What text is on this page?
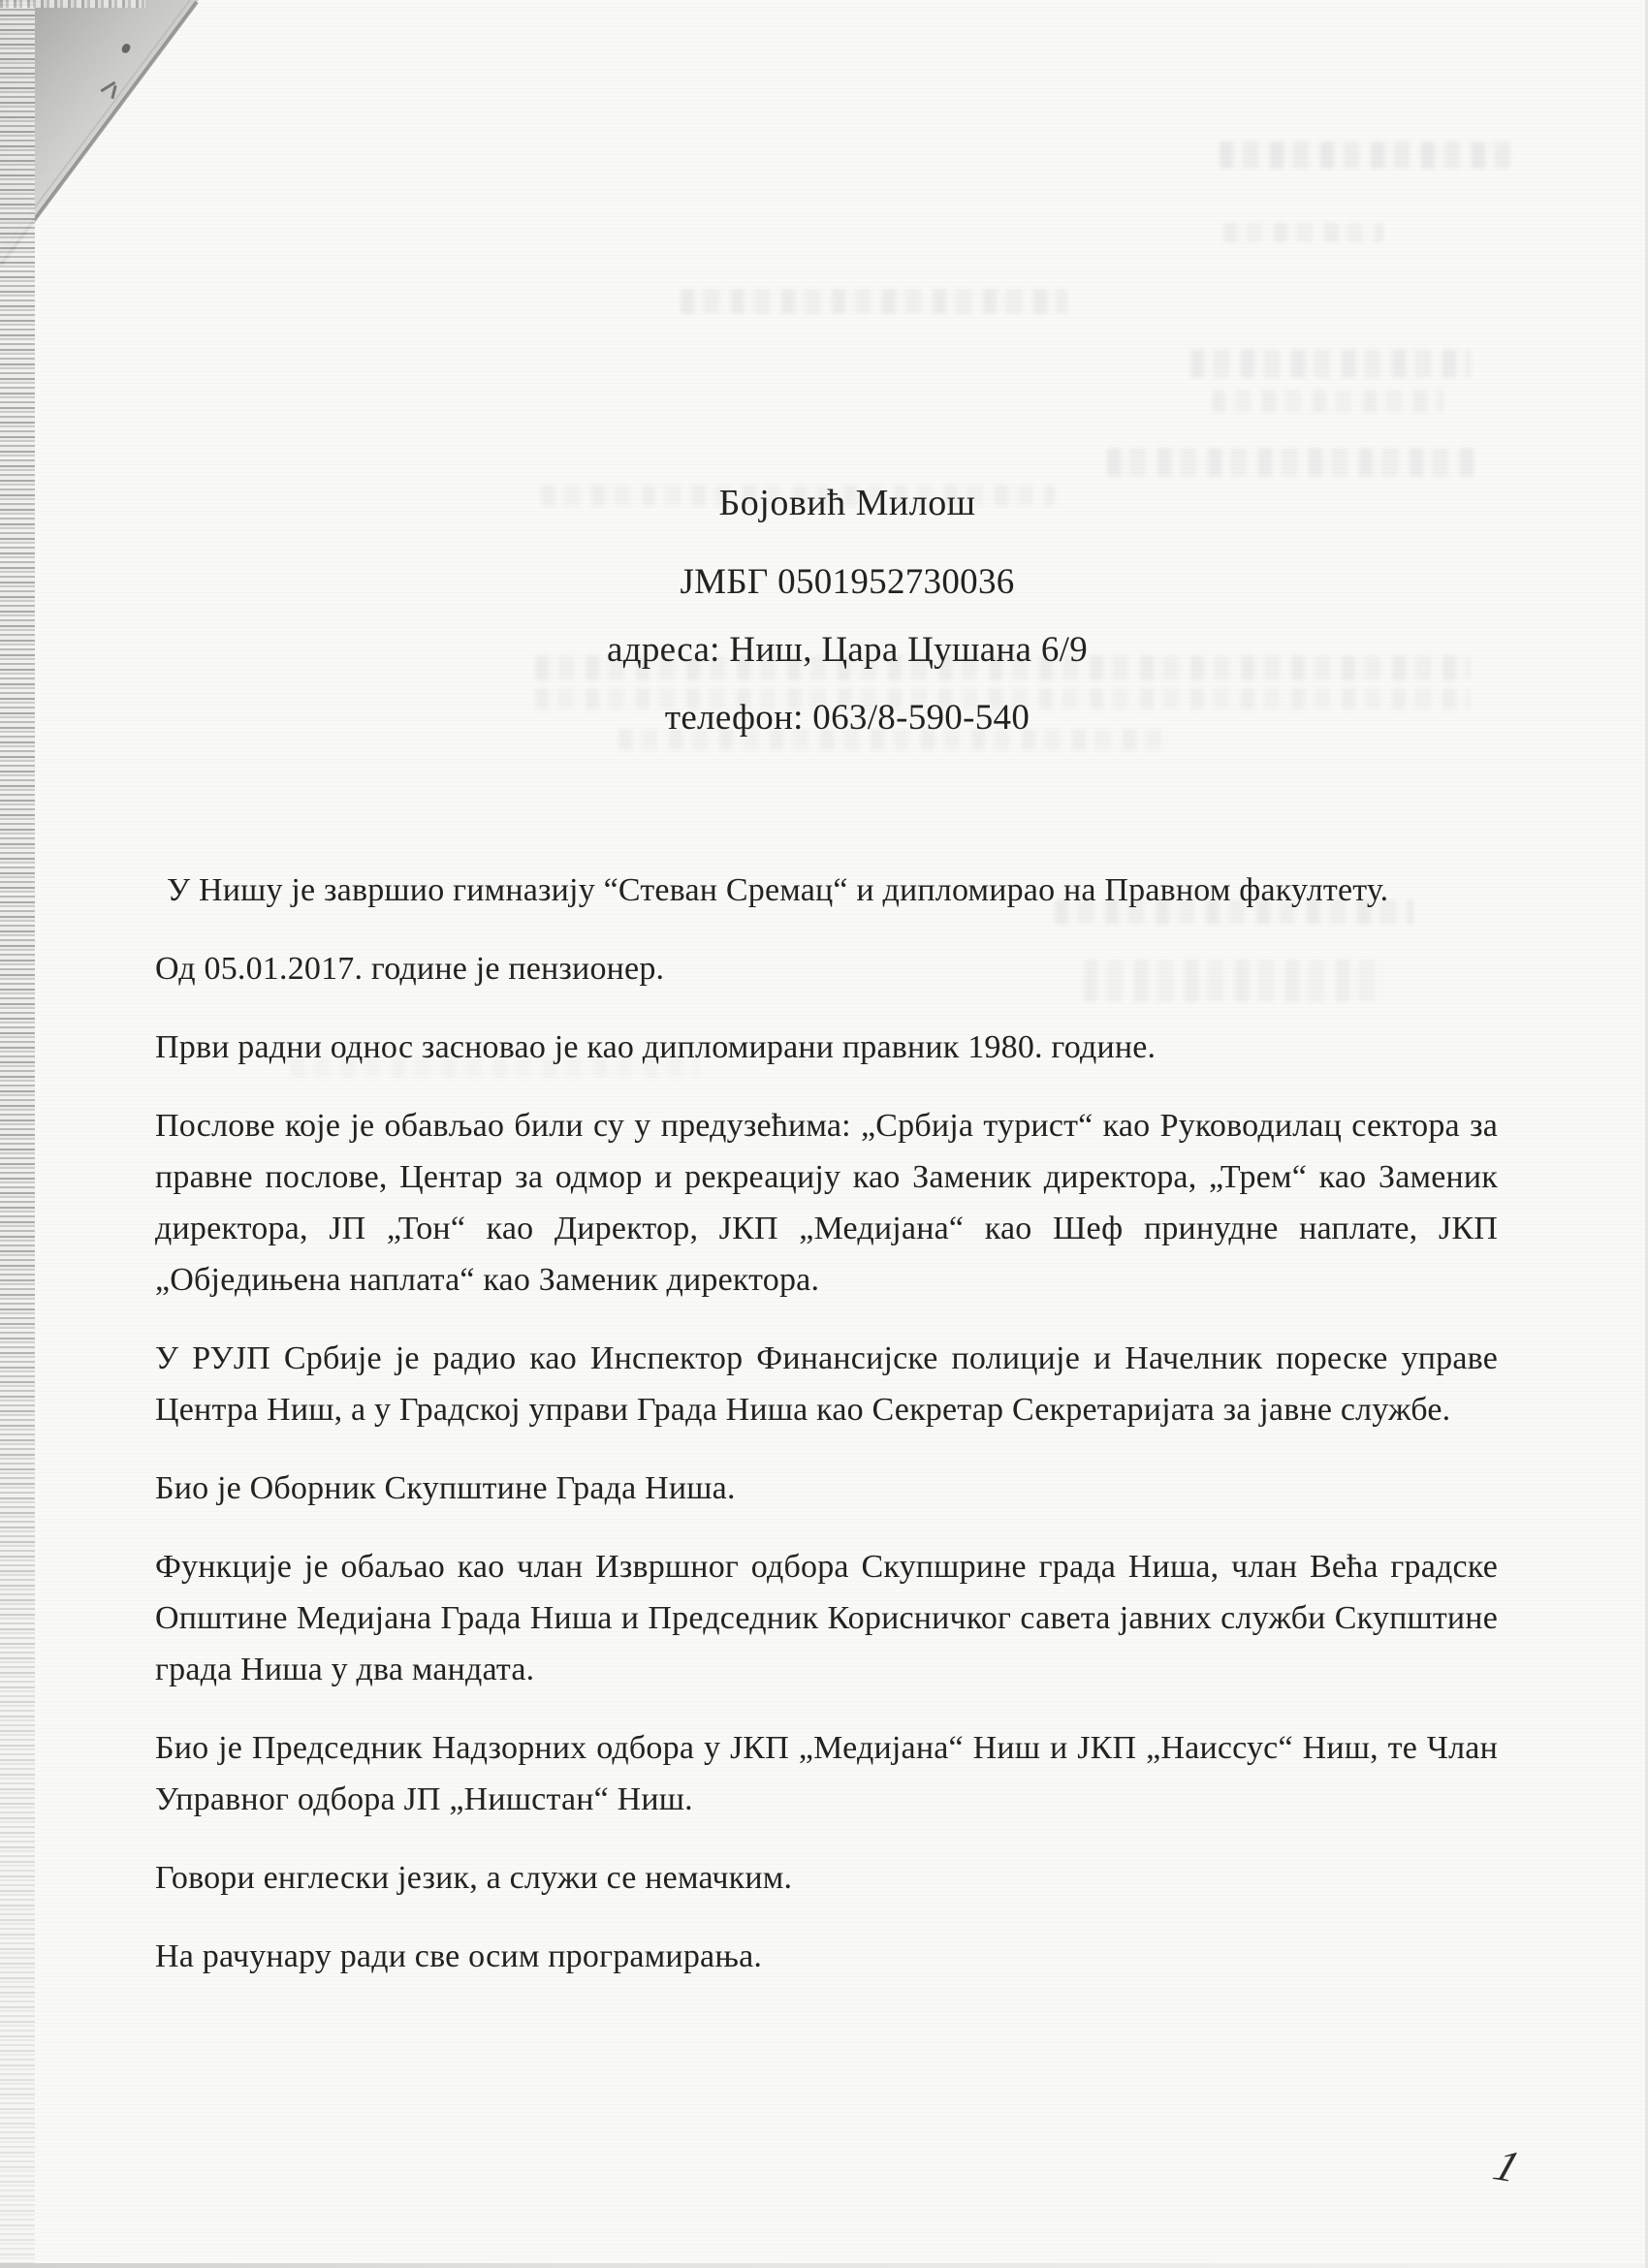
Бојовић Милош
ЈМБГ 0501952730036
адреса: Ниш, Цара Цушана 6/9
телефон: 063/8-590-540

У Нишу је завршио гимназију “Стеван Сремац“ и дипломирао на Правном факултету.

Од 05.01.2017. године је пензионер.

Први радни однос засновао је као дипломирани правник 1980. године.

Послове које је обављао били су у предузећима: „Србија турист“ као Руководилац сектора за правне послове, Центар за одмор и рекреацију као Заменик директора, „Трем“ као Заменик директора, ЈП „Тон“ као Директор, ЈКП „Медијана“ као Шеф принудне наплате, ЈКП „Обједињена наплата“ као Заменик директора.

У РУЈП Србије је радио као Инспектор Финансијске полиције и Начелник пореске управе Центра Ниш, а у Градској управи Града Ниша као Секретар Секретаријата за јавне службе.

Био је Оборник Скупштине Града Ниша.

Функције је обаљао као члан Извршног одбора Скупшрине града Ниша, члан Већа градске Општине Медијана Града Ниша и Председник Корисничког савета јавних служби Скупштине града Ниша у два мандата.

Био је Председник Надзорних одбора у ЈКП „Медијана“ Ниш и ЈКП „Наиссус“ Ниш, те Члан Управног одбора ЈП „Нишстан“ Ниш.

Говори енглески језик, а служи се немачким.

На рачунару ради све осим програмирања.

1
